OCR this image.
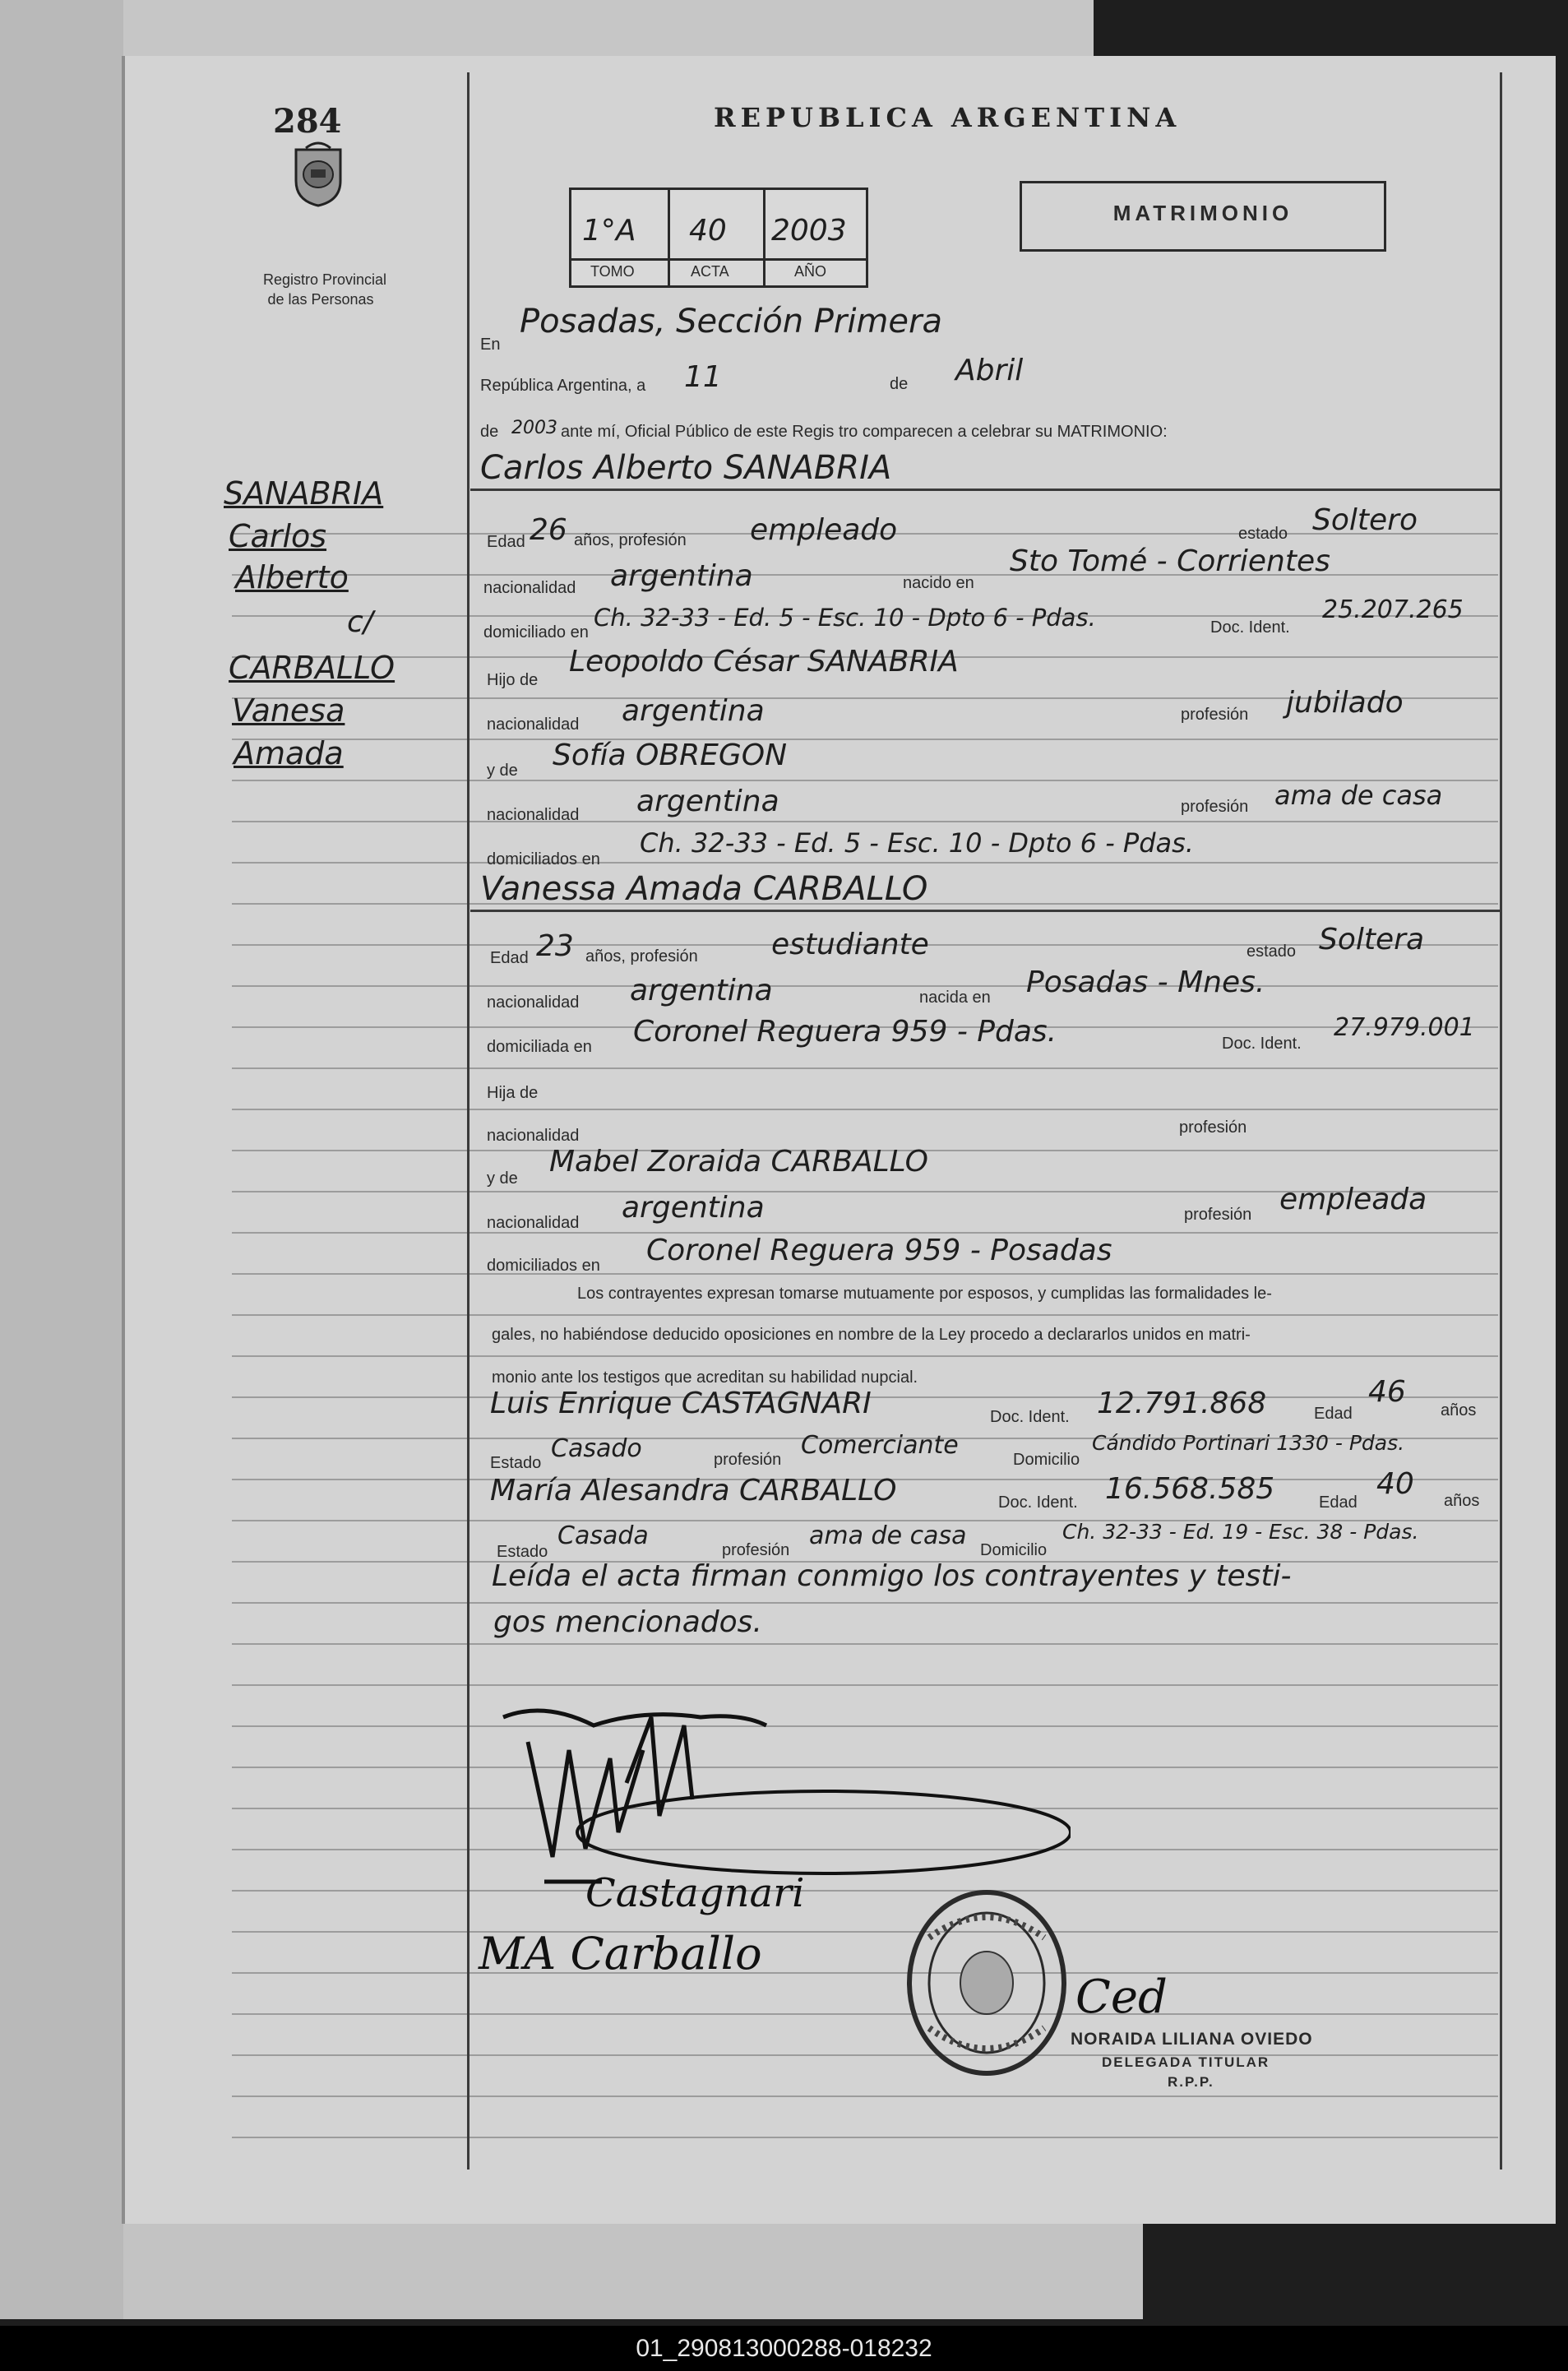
284
Registro Provincial
de las Personas
REPUBLICA ARGENTINA
1°A 40 2003
TOMO	ACTA	AÑO
MATRIMONIO
SANABRIA
Carlos
Alberto
c/
CARBALLO
Vanesa
Amada
En
Posadas, Sección Primera
República Argentina, a 11	de Abril
de 2003 ante mí, Oficial Público de este Regis tro comparecen a celebrar su MATRIMONIO:
Carlos Alberto SANABRIA
Edad 26 años, profesión empleado	estado Soltero
nacionalidad argentina	nacido en
Sto Tomé - Corrientes
domiciliado en
Ch. 32-33 - Ed. 5 - Esc. 10 - Dpto 6 - Pdas.	Doc. Ident.
25.207.265
Hijo de
Leopoldo César SANABRIA
nacionalidad argentina	profesión jubilado
y de Sofía OBREGON
nacionalidad argentina	profesión ama de casa
domiciliados en
Ch. 32-33 - Ed. 5 - Esc. 10 - Dpto 6 - Pdas.
Vanessa Amada CARBALLO
Edad 23 años, profesión estudiante	estado Soltera
nacionalidad argentina	nacida en Posadas - Mnes.
domiciliada en Coronel Reguera 959 - Pdas.	Doc. Ident.
27.979.001
Hija de
nacionalidad	profesión
y de Mabel Zoraida CARBALLO
nacionalidad argentina	profesión empleada
domiciliados en Coronel Reguera 959 - Posadas
Los contrayentes expresan tomarse mutuamente por esposos, y cumplidas las formalidades le-
gales, no habiéndose deducido oposiciones en nombre de la Ley procedo a declararlos unidos en matri-
monio ante los testigos que acreditan su habilidad nupcial.
Luis Enrique CASTAGNARI	Doc. Ident. 12.791.868	Edad
46
años
Estado Casado	profesión Comerciante	Domicilio
Cándido Portinari 1330 - Pdas.
María Alesandra CARBALLO	Doc. Ident. 16.568.585	Edad
40 años
Estado
Casada	profesión ama de casa Domicilio
Ch. 32-33 - Ed. 19 - Esc. 38 - Pdas.
Leída el acta firman conmigo los contrayentes y testi-
gos mencionados.
Castagnari
MA Carballo
Ced
NORAIDA LILIANA OVIEDO
DELEGADA TITULAR
R.P.P.
01_290813000288-018232
